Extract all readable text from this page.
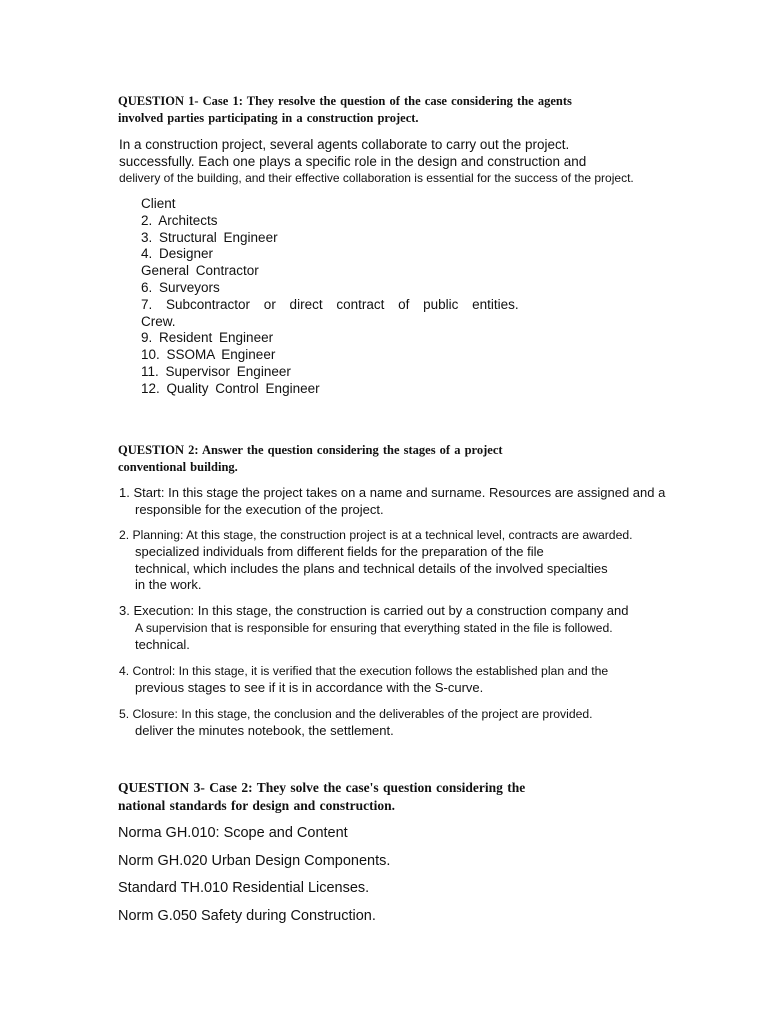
QUESTION 1- Case 1: They resolve the question of the case considering the agents
involved parties participating in a construction project.
In a construction project, several agents collaborate to carry out the project.
successfully. Each one plays a specific role in the design and construction and
delivery of the building, and their effective collaboration is essential for the success of the project.
Client
2. Architects
3. Structural Engineer
4. Designer
General Contractor
6. Surveyors
7. Subcontractor or direct contract of public entities.
Crew.
9. Resident Engineer
10. SSOMA Engineer
11. Supervisor Engineer
12. Quality Control Engineer
QUESTION 2: Answer the question considering the stages of a project
conventional building.
1. Start: In this stage the project takes on a name and surname. Resources are assigned and a
responsible for the execution of the project.
2. Planning: At this stage, the construction project is at a technical level, contracts are awarded.
specialized individuals from different fields for the preparation of the file
technical, which includes the plans and technical details of the involved specialties
in the work.
3. Execution: In this stage, the construction is carried out by a construction company and
A supervision that is responsible for ensuring that everything stated in the file is followed.
technical.
4. Control: In this stage, it is verified that the execution follows the established plan and the
previous stages to see if it is in accordance with the S-curve.
5. Closure: In this stage, the conclusion and the deliverables of the project are provided.
deliver the minutes notebook, the settlement.
QUESTION 3- Case 2: They solve the case's question considering the
national standards for design and construction.
Norma GH.010: Scope and Content
Norm GH.020 Urban Design Components.
Standard TH.010 Residential Licenses.
Norm G.050 Safety during Construction.
